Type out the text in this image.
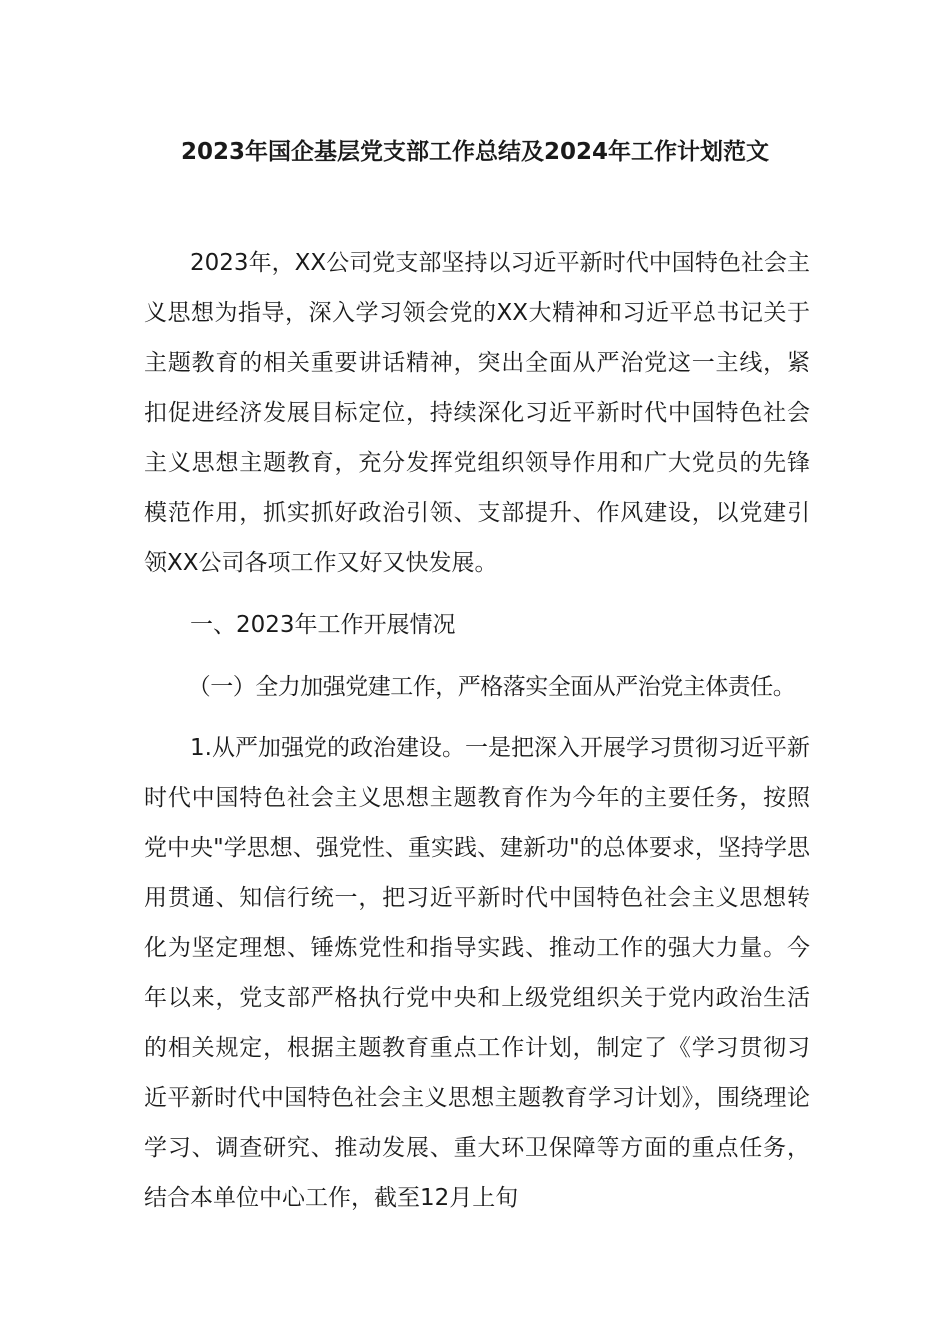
2023年国企基层党支部工作总结及2024年工作计划范文

2023年，XX公司党支部坚持以习近平新时代中国特色社会主义思想为指导，深入学习领会党的XX大精神和习近平总书记关于主题教育的相关重要讲话精神，突出全面从严治党这一主线，紧扣促进经济发展目标定位，持续深化习近平新时代中国特色社会主义思想主题教育，充分发挥党组织领导作用和广大党员的先锋模范作用，抓实抓好政治引领、支部提升、作风建设，以党建引领XX公司各项工作又好又快发展。

一、2023年工作开展情况

（一）全力加强党建工作，严格落实全面从严治党主体责任。

1.从严加强党的政治建设。一是把深入开展学习贯彻习近平新时代中国特色社会主义思想主题教育作为今年的主要任务，按照党中央"学思想、强党性、重实践、建新功"的总体要求，坚持学思用贯通、知信行统一，把习近平新时代中国特色社会主义思想转化为坚定理想、锤炼党性和指导实践、推动工作的强大力量。今年以来，党支部严格执行党中央和上级党组织关于党内政治生活的相关规定，根据主题教育重点工作计划，制定了《学习贯彻习近平新时代中国特色社会主义思想主题教育学习计划》，围绕理论学习、调查研究、推动发展、重大环卫保障等方面的重点任务，结合本单位中心工作，截至12月上旬
